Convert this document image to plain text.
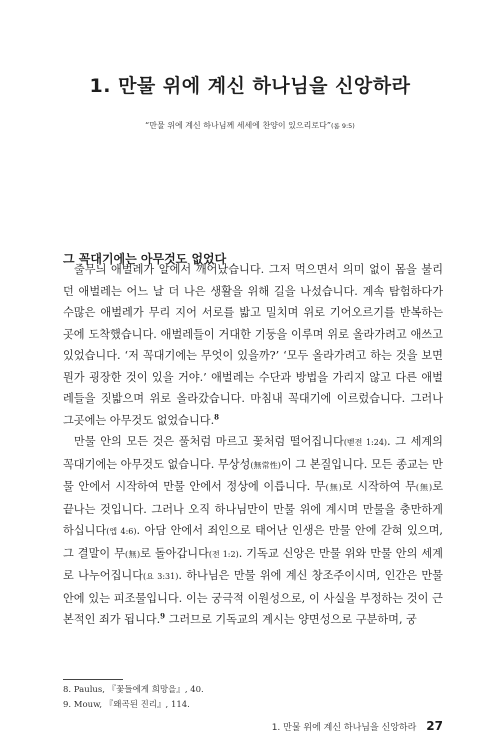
1. 만물 위에 계신 하나님을 신앙하라
“만물 위에 계신 하나님께 세세에 찬양이 있으리로다”(롬 9:5)
그 꼭대기에는 아무것도 없었다

줄무늬 애벌레가 알에서 깨어났습니다. 그저 먹으면서 의미 없이 몸을 불리던 애벌레는 어느 날 더 나은 생활을 위해 길을 나섰습니다. 계속 탐험하다가 수많은 애벌레가 무리 지어 서로를 밟고 밀치며 위로 기어오르기를 반복하는 곳에 도착했습니다. 애벌레들이 거대한 기둥을 이루며 위로 올라가려고 애쓰고 있었습니다. ‘저 꼭대기에는 무엇이 있을까?’ ‘모두 올라가려고 하는 것을 보면 뭔가 굉장한 것이 있을 거야.’ 애벌레는 수단과 방법을 가리지 않고 다른 애벌레들을 짓밟으며 위로 올라갔습니다. 마침내 꼭대기에 이르렀습니다. 그러나 그곳에는 아무것도 없었습니다.$^8$

만물 안의 모든 것은 풀처럼 마르고 꽃처럼 떨어집니다(벧전 1:24). 그 세계의 꼭대기에는 아무것도 없습니다. 무상성(無常性)이 그 본질입니다. 모든 종교는 만물 안에서 시작하여 만물 안에서 정상에 이릅니다. 무(無)로 시작하여 무(無)로 끝나는 것입니다. 그러나 오직 하나님만이 만물 위에 계시며 만물을 충만하게 하십니다(엡 4:6). 아담 안에서 죄인으로 태어난 인생은 만물 안에 갇혀 있으며, 그 결말이 무(無)로 돌아갑니다(전 1:2). 기독교 신앙은 만물 위와 만물 안의 세계로 나누어집니다(요 3:31). 하나님은 만물 위에 계신 창조주이시며, 인간은 만물 안에 있는 피조물입니다. 이는 궁극적 이원성으로, 이 사실을 부정하는 것이 근본적인 죄가 됩니다.$^9$ 그러므로 기독교의 계시는 양면성으로 구분하며, 궁

8. Paulus, 『꽃들에게 희망을』, 40.
9. Mouw, 『왜곡된 진리』, 114.
1. 만물 위에 계신 하나님을 신앙하라 27
